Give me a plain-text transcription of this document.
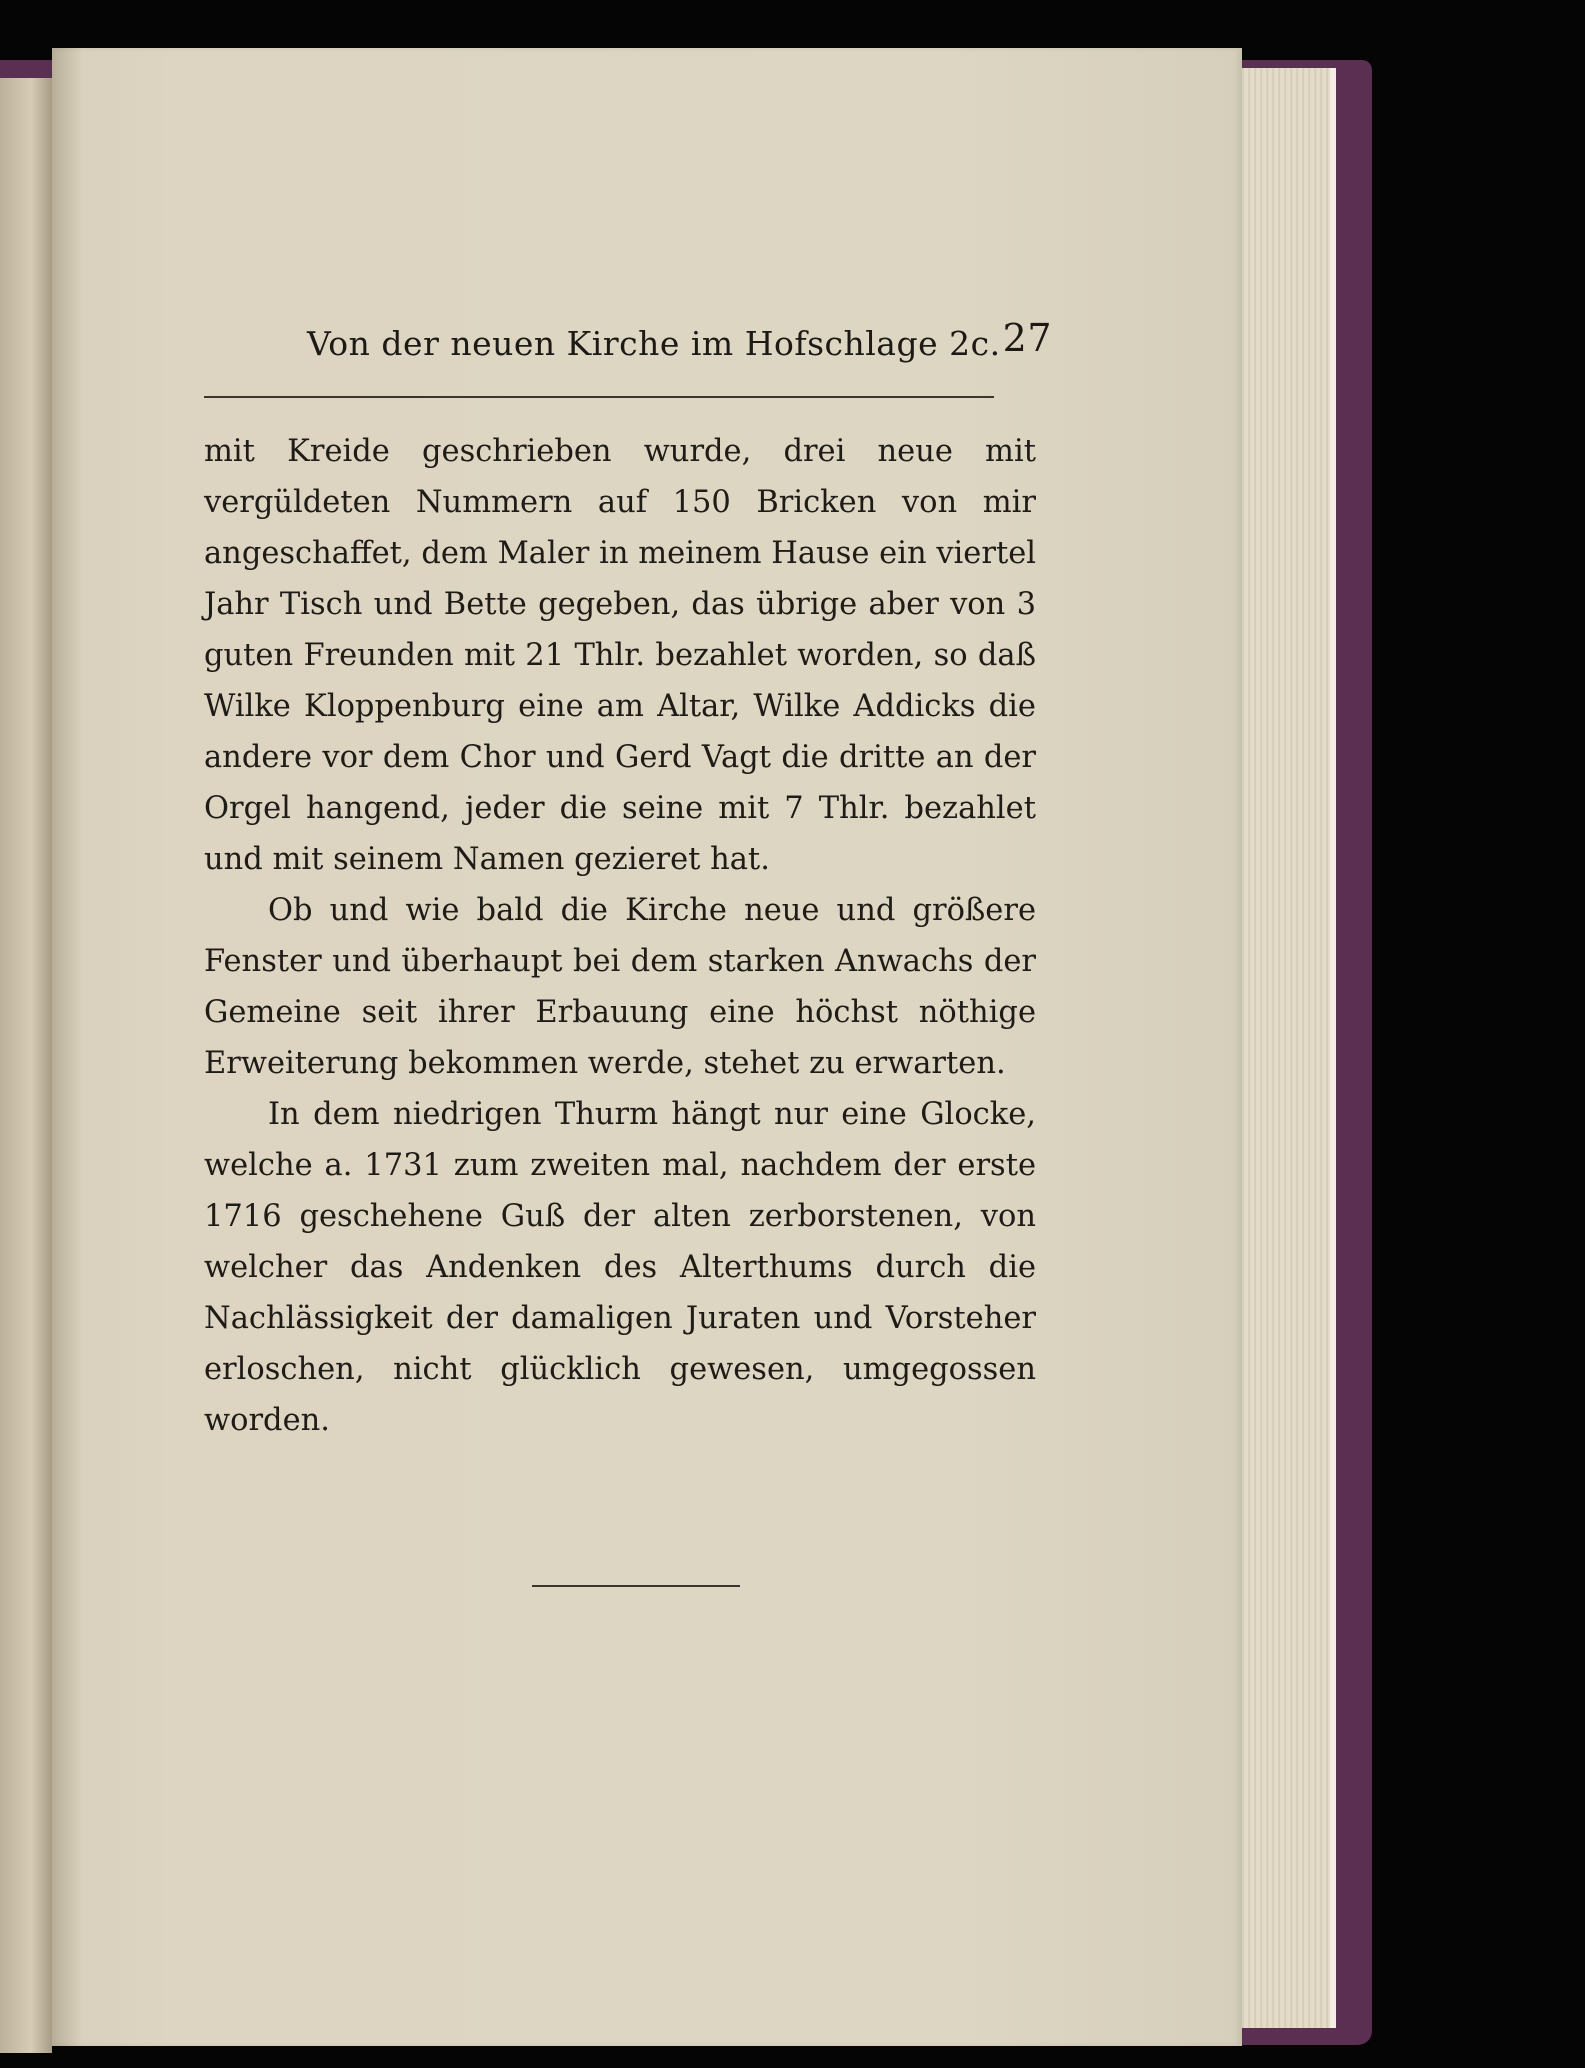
Von der neuen Kirche im Hofschlage 2c. 27

mit Kreide geschrieben wurde, drei neue mit vergüldeten Nummern auf 150 Bricken von mir angeschaffet, dem Maler in meinem Hause ein viertel Jahr Tisch und Bette gegeben, das übrige aber von 3 guten Freunden mit 21 Thlr. bezahlet worden, so daß Wilke Kloppenburg eine am Altar, Wilke Addicks die andere vor dem Chor und Gerd Vagt die dritte an der Orgel hangend, jeder die seine mit 7 Thlr. bezahlet und mit seinem Namen gezieret hat.

Ob und wie bald die Kirche neue und größere Fenster und überhaupt bei dem starken Anwachs der Gemeine seit ihrer Erbauung eine höchst nöthige Erweiterung bekommen werde, stehet zu erwarten.

In dem niedrigen Thurm hängt nur eine Glocke, welche a. 1731 zum zweiten mal, nachdem der erste 1716 geschehene Guß der alten zerborstenen, von welcher das Andenken des Alterthums durch die Nachlässigkeit der damaligen Juraten und Vorsteher erloschen, nicht glücklich gewesen, umgegossen worden.
